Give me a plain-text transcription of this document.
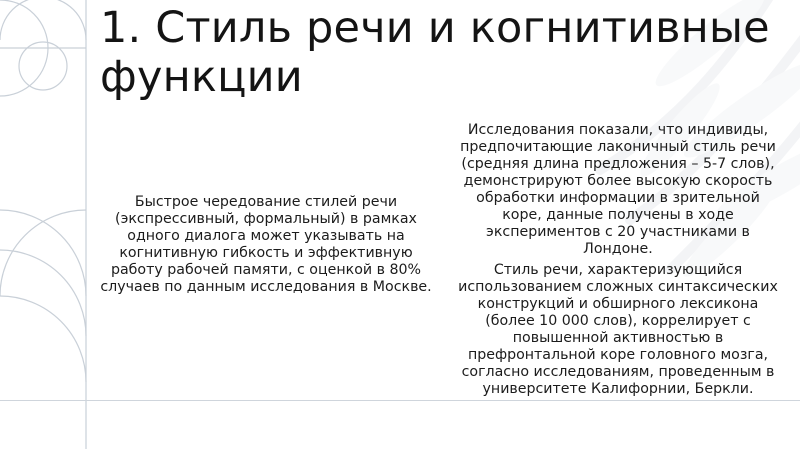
1. Стиль речи и когнитивные функции

Быстрое чередование стилей речи (экспрессивный, формальный) в рамках одного диалога может указывать на когнитивную гибкость и эффективную работу рабочей памяти, с оценкой в 80% случаев по данным исследования в Москве.

Исследования показали, что индивиды, предпочитающие лаконичный стиль речи (средняя длина предложения – 5-7 слов), демонстрируют более высокую скорость обработки информации в зрительной коре, данные получены в ходе экспериментов с 20 участниками в Лондоне.

Стиль речи, характеризующийся использованием сложных синтаксических конструкций и обширного лексикона (более 10 000 слов), коррелирует с повышенной активностью в префронтальной коре головного мозга, согласно исследованиям, проведенным в университете Калифорнии, Беркли.
